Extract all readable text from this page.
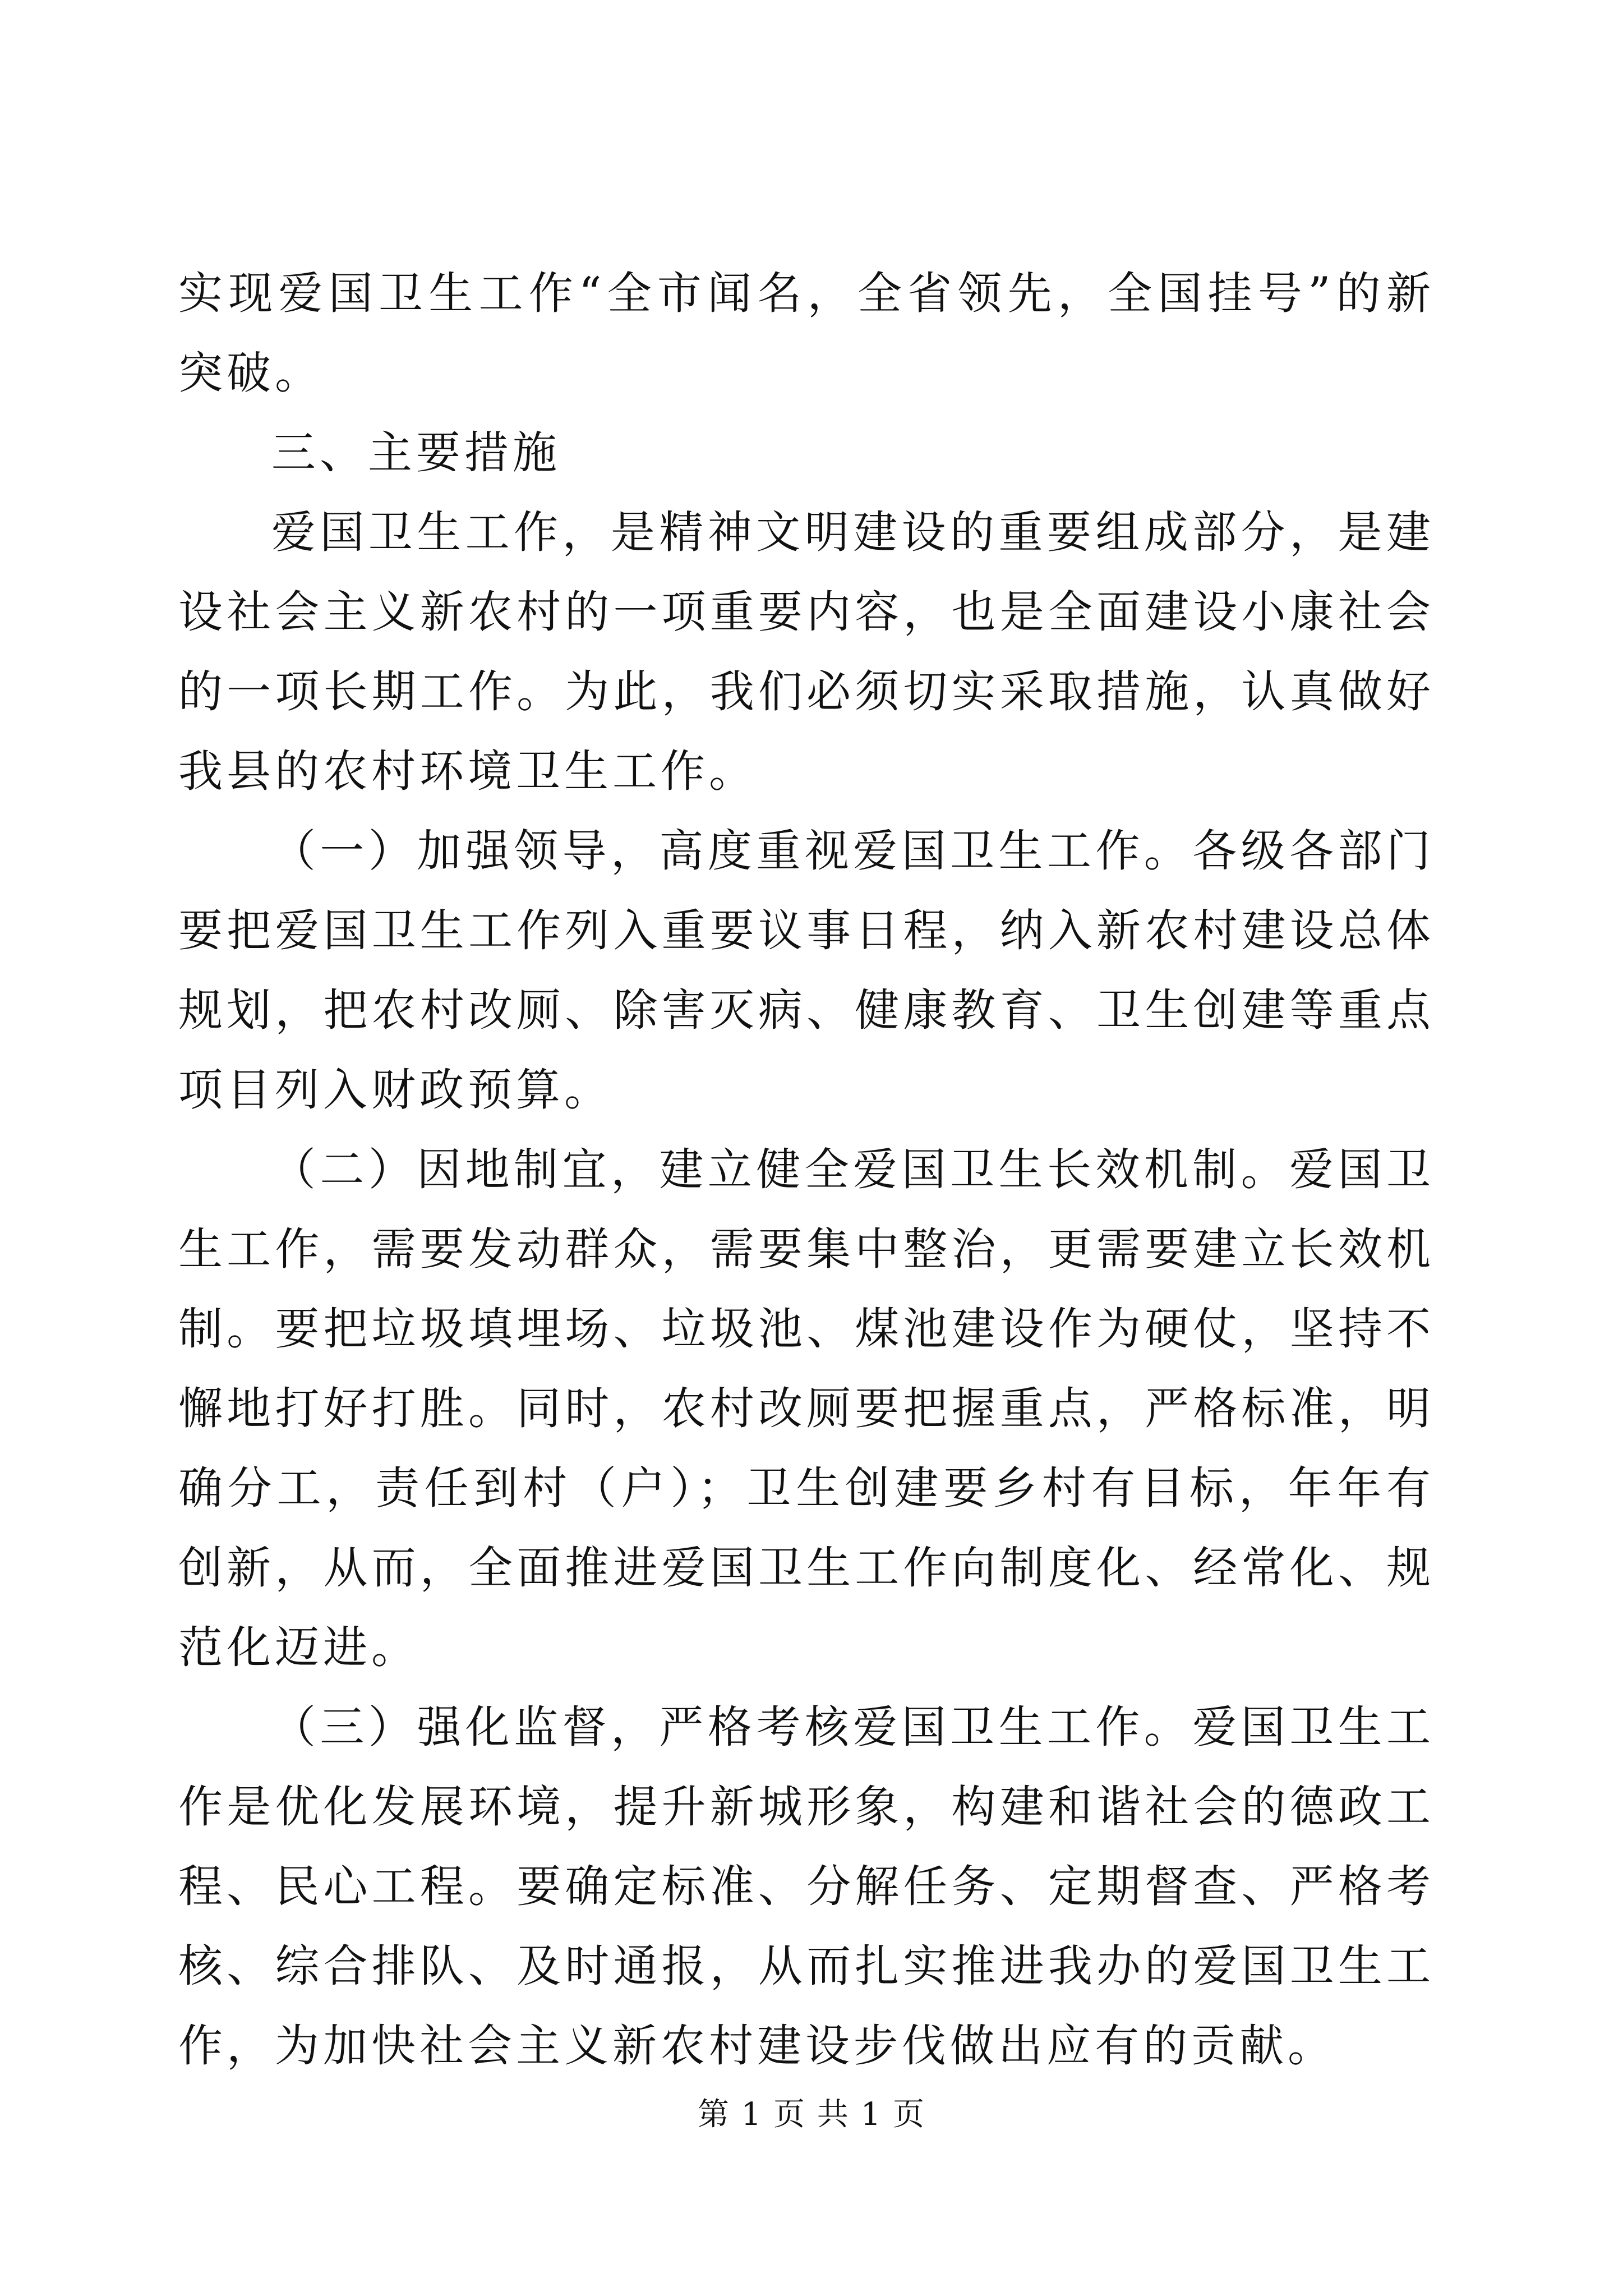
实现爱国卫生工作“全市闻名，全省领先，全国挂号”的新突破。

三、主要措施

爱国卫生工作，是精神文明建设的重要组成部分，是建设社会主义新农村的一项重要内容，也是全面建设小康社会的一项长期工作。为此，我们必须切实采取措施，认真做好我县的农村环境卫生工作。

（一）加强领导，高度重视爱国卫生工作。各级各部门要把爱国卫生工作列入重要议事日程，纳入新农村建设总体规划，把农村改厕、除害灭病、健康教育、卫生创建等重点项目列入财政预算。

（二）因地制宜，建立健全爱国卫生长效机制。爱国卫生工作，需要发动群众，需要集中整治，更需要建立长效机制。要把垃圾填埋场、垃圾池、煤池建设作为硬仗，坚持不懈地打好打胜。同时，农村改厕要把握重点，严格标准，明确分工，责任到村（户）；卫生创建要乡村有目标，年年有创新，从而，全面推进爱国卫生工作向制度化、经常化、规范化迈进。

（三）强化监督，严格考核爱国卫生工作。爱国卫生工作是优化发展环境，提升新城形象，构建和谐社会的德政工程、民心工程。要确定标准、分解任务、定期督查、严格考核、综合排队、及时通报，从而扎实推进我办的爱国卫生工作，为加快社会主义新农村建设步伐做出应有的贡献。

第 1 页 共 1 页
